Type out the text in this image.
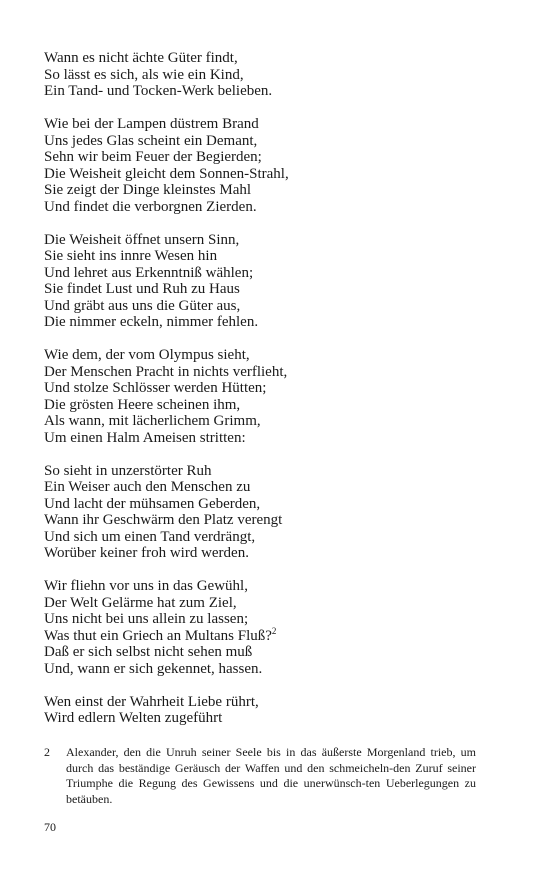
Wann es nicht ächte Güter findt,
So lässt es sich, als wie ein Kind,
Ein Tand- und Tocken-Werk belieben.
Wie bei der Lampen düstrem Brand
Uns jedes Glas scheint ein Demant,
Sehn wir beim Feuer der Begierden;
Die Weisheit gleicht dem Sonnen-Strahl,
Sie zeigt der Dinge kleinstes Mahl
Und findet die verborgnen Zierden.
Die Weisheit öffnet unsern Sinn,
Sie sieht ins innre Wesen hin
Und lehret aus Erkenntniß wählen;
Sie findet Lust und Ruh zu Haus
Und gräbt aus uns die Güter aus,
Die nimmer eckeln, nimmer fehlen.
Wie dem, der vom Olympus sieht,
Der Menschen Pracht in nichts verflieht,
Und stolze Schlösser werden Hütten;
Die grösten Heere scheinen ihm,
Als wann, mit lächerlichem Grimm,
Um einen Halm Ameisen stritten:
So sieht in unzerstörter Ruh
Ein Weiser auch den Menschen zu
Und lacht der mühsamen Geberden,
Wann ihr Geschwärm den Platz verengt
Und sich um einen Tand verdrängt,
Worüber keiner froh wird werden.
Wir fliehn vor uns in das Gewühl,
Der Welt Gelärme hat zum Ziel,
Uns nicht bei uns allein zu lassen;
Was thut ein Griech an Multans Fluß?$^2$
Daß er sich selbst nicht sehen muß
Und, wann er sich gekennet, hassen.
Wen einst der Wahrheit Liebe rührt,
Wird edlern Welten zugeführt
2	Alexander, den die Unruh seiner Seele bis in das äußerste Morgenland trieb, um durch das beständige Geräusch der Waffen und den schmeicheln-den Zuruf seiner Triumphe die Regung des Gewissens und die unerwünsch-ten Ueberlegungen zu betäuben.
70
